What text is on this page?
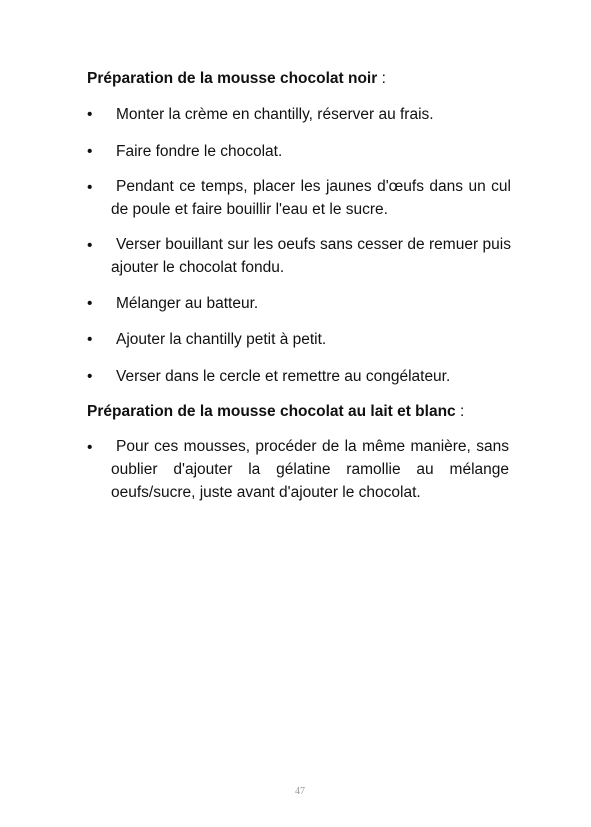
Préparation de la mousse chocolat noir :
•	Monter la crème en chantilly, réserver au frais.
•	Faire fondre le chocolat.
•	Pendant ce temps, placer les jaunes d'œufs dans un cul de poule et faire bouillir l'eau et le sucre.
•	Verser bouillant sur les oeufs sans cesser de remuer puis ajouter le chocolat fondu.
•	Mélanger au batteur.
•	Ajouter la chantilly petit à petit.
•	Verser dans le cercle et remettre au congélateur.
Préparation de la mousse chocolat au lait et blanc :
•	Pour ces mousses, procéder de la même manière, sans oublier d'ajouter la gélatine ramollie au mélange oeufs/sucre, juste avant d'ajouter le chocolat.
47
